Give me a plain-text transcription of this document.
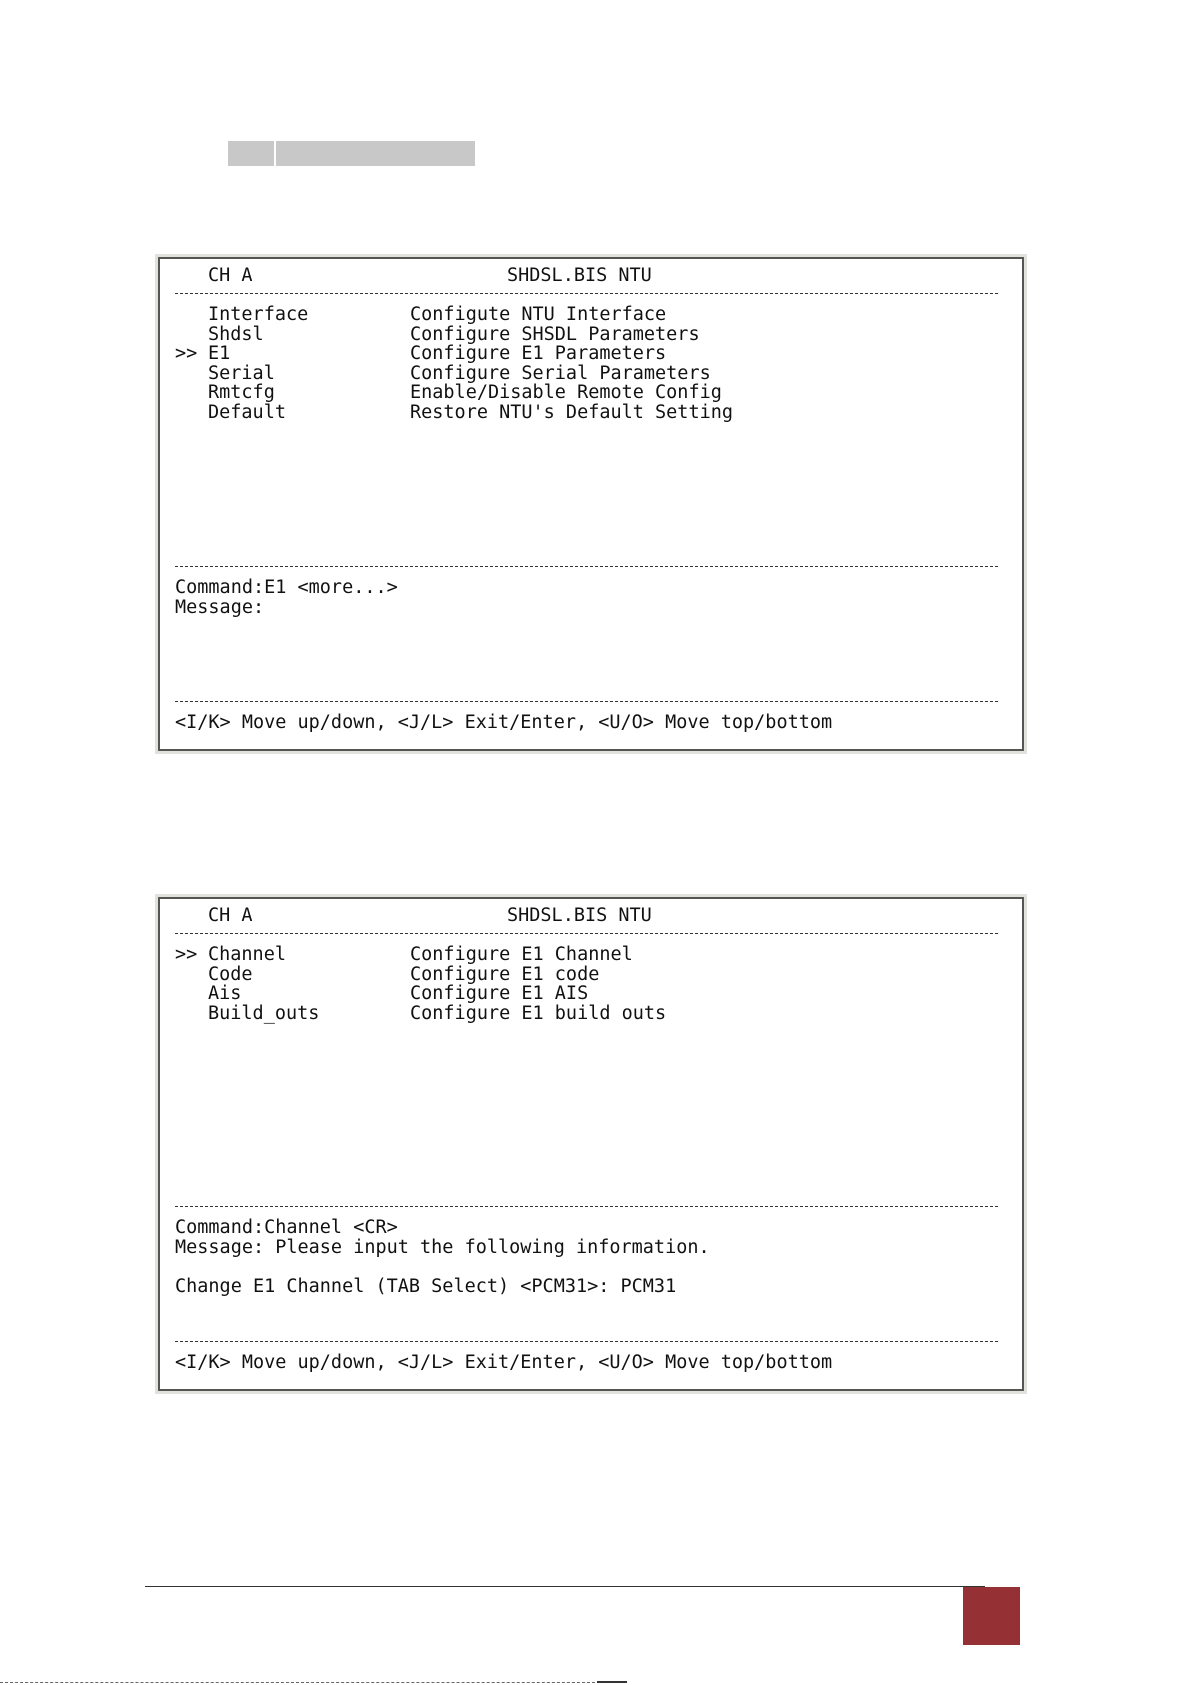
CH A	SHDSL.BIS NTU
Interface	Configute NTU Interface
Shdsl	Configure SHSDL Parameters
>> E1	Configure E1 Parameters
Serial	Configure Serial Parameters
Rmtcfg	Enable/Disable Remote Config
Default	Restore NTU's Default Setting
Command:E1 <more...>
Message:
<I/K> Move up/down, <J/L> Exit/Enter, <U/O> Move top/bottom
CH A	SHDSL.BIS NTU
>> Channel	Configure E1 Channel
Code	Configure E1 code
Ais	Configure E1 AIS
Build_outs	Configure E1 build outs
Command:Channel <CR>
Message: Please input the following information.
Change E1 Channel (TAB Select) <PCM31>: PCM31
<I/K> Move up/down, <J/L> Exit/Enter, <U/O> Move top/bottom
